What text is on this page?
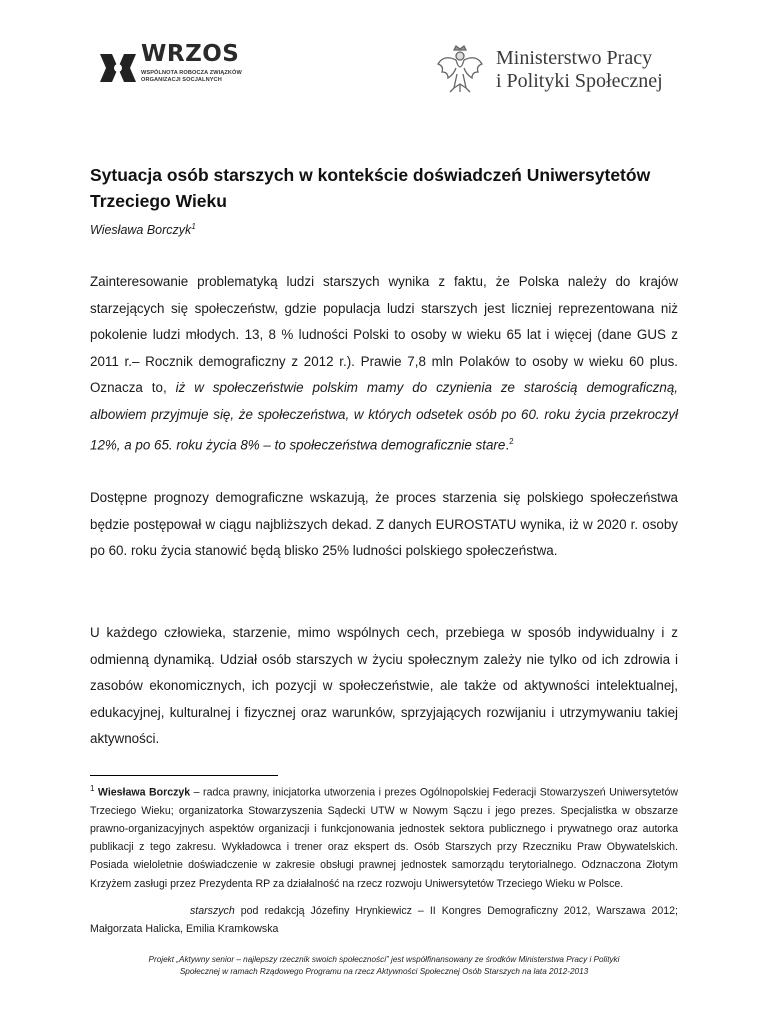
WRZOS
WSPÓLNOTA ROBOCZA ZWIĄZKÓW
ORGANIZACJI SOCJALNYCH
Ministerstwo Pracy
i Polityki Społecznej
Sytuacja osób starszych w kontekście doświadczeń Uniwersytetów Trzeciego Wieku
Wiesława Borczyk$^1$

Zainteresowanie problematyką ludzi starszych wynika z faktu, że Polska należy do krajów starzejących się społeczeństw, gdzie populacja ludzi starszych jest liczniej reprezentowana niż pokolenie ludzi młodych. 13, 8 % ludności Polski to osoby w wieku 65 lat i więcej (dane GUS z 2011 r.– Rocznik demograficzny z 2012 r.). Prawie 7,8 mln Polaków to osoby w wieku 60 plus. Oznacza to, iż w społeczeństwie polskim mamy do czynienia ze starością demograficzną, albowiem przyjmuje się, że społeczeństwa, w których odsetek osób po 60. roku życia przekroczył 12%, a po 65. roku życia 8% – to społeczeństwa demograficznie stare.$^2$

Dostępne prognozy demograficzne wskazują, że proces starzenia się polskiego społeczeństwa będzie postępował w ciągu najbliższych dekad. Z danych EUROSTATU wynika, iż w 2020 r. osoby po 60. roku życia stanowić będą blisko 25% ludności polskiego społeczeństwa.

U każdego człowieka, starzenie, mimo wspólnych cech, przebiega w sposób indywidualny i z odmienną dynamiką. Udział osób starszych w życiu społecznym zależy nie tylko od ich zdrowia i zasobów ekonomicznych, ich pozycji w społeczeństwie, ale także od aktywności intelektualnej, edukacyjnej, kulturalnej i fizycznej oraz warunków, sprzyjających rozwijaniu i utrzymywaniu takiej aktywności.

$^1$ Wiesława Borczyk – radca prawny, inicjatorka utworzenia i prezes Ogólnopolskiej Federacji Stowarzyszeń Uniwersytetów Trzeciego Wieku; organizatorka Stowarzyszenia Sądecki UTW w Nowym Sączu i jego prezes. Specjalistka w obszarze prawno-organizacyjnych aspektów organizacji i funkcjonowania jednostek sektora publicznego i prywatnego oraz autorka publikacji z tego zakresu. Wykładowca i trener oraz ekspert ds. Osób Starszych przy Rzeczniku Praw Obywatelskich. Posiada wieloletnie doświadczenie w zakresie obsługi prawnej jednostek samorządu terytorialnego. Odznaczona Złotym Krzyżem zasługi przez Prezydenta RP za działalność na rzecz rozwoju Uniwersytetów Trzeciego Wieku w Polsce.

starszych pod redakcją Józefiny Hrynkiewicz – II Kongres Demograficzny 2012, Warszawa 2012; Małgorzata Halicka, Emilia Kramkowska

Projekt „Aktywny senior – najlepszy rzecznik swoich społeczności” jest współfinansowany ze środków Ministerstwa Pracy i Polityki
Społecznej w ramach Rządowego Programu na rzecz Aktywności Społecznej Osób Starszych na lata 2012-2013
